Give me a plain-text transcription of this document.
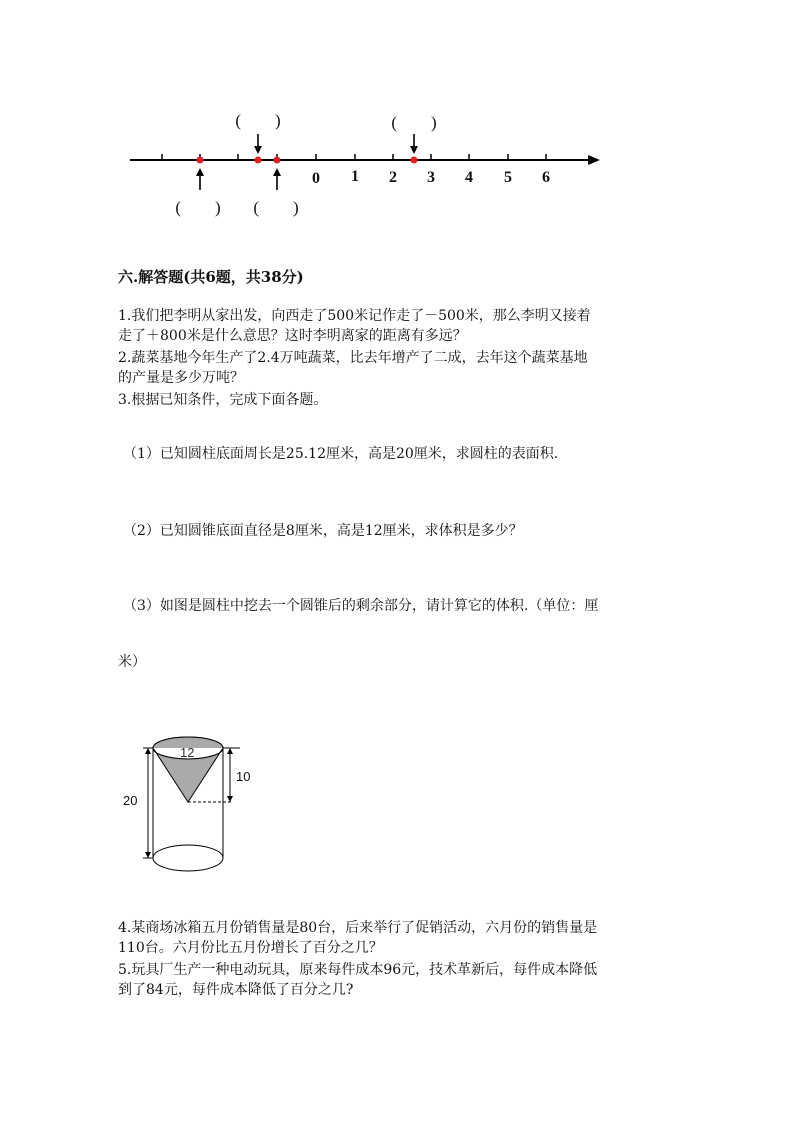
0 1 2 3 4 5 6
(　　)	(　　)
(　　) (　　)
六.解答题(共6题，共38分)
1.我们把李明从家出发，向西走了500米记作走了－500米，那么李明又接着
走了＋800米是什么意思？这时李明离家的距离有多远？
2.蔬菜基地今年生产了2.4万吨蔬菜，比去年增产了二成，去年这个蔬菜基地
的产量是多少万吨？
3.根据已知条件，完成下面各题。
（1）已知圆柱底面周长是25.12厘米，高是20厘米，求圆柱的表面积.
（2）已知圆锥底面直径是8厘米，高是12厘米，求体积是多少？
（3）如图是圆柱中挖去一个圆锥后的剩余部分，请计算它的体积.（单位：厘
米）
12
10
20
4.某商场冰箱五月份销售量是80台，后来举行了促销活动，六月份的销售量是
110台。六月份比五月份增长了百分之几？
5.玩具厂生产一种电动玩具，原来每件成本96元，技术革新后，每件成本降低
到了84元，每件成本降低了百分之几?
